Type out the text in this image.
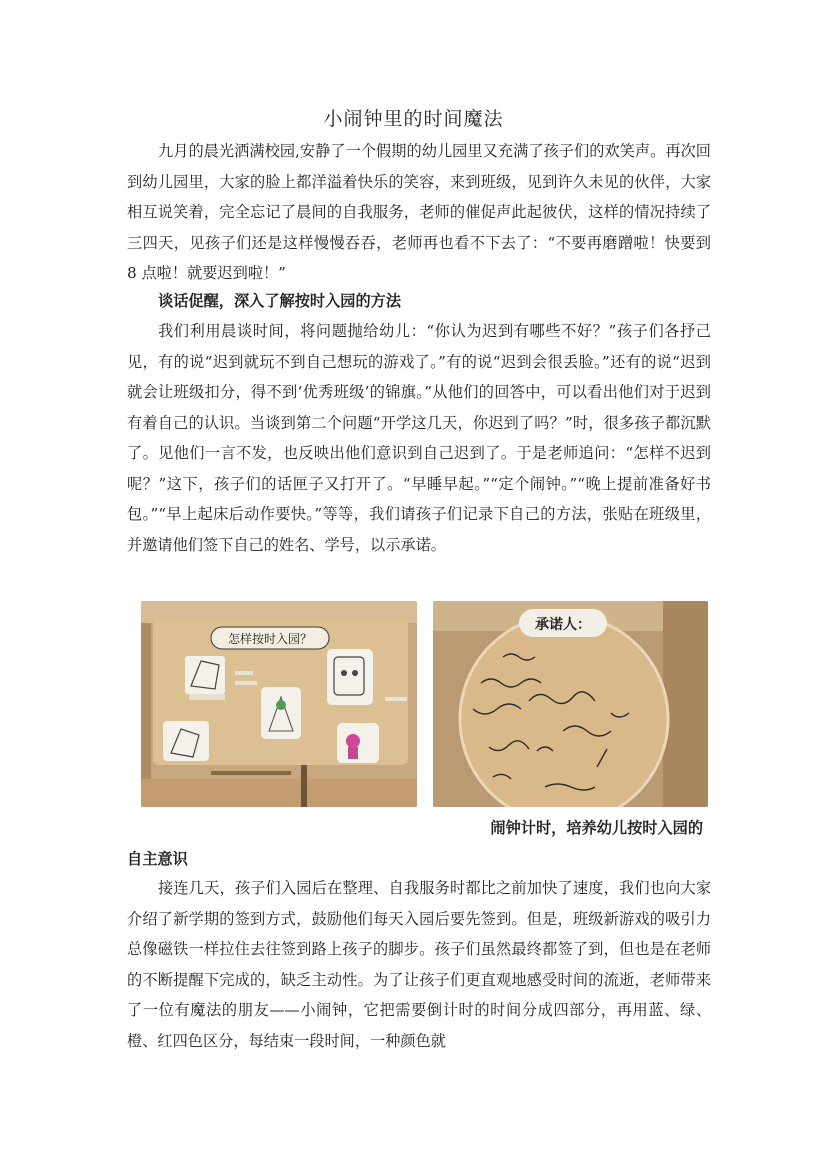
小闹钟里的时间魔法

九月的晨光洒满校园,安静了一个假期的幼儿园里又充满了孩子们的欢笑声。再次回到幼儿园里，大家的脸上都洋溢着快乐的笑容，来到班级，见到许久未见的伙伴，大家相互说笑着，完全忘记了晨间的自我服务，老师的催促声此起彼伏，这样的情况持续了三四天，见孩子们还是这样慢慢吞吞，老师再也看不下去了：“不要再磨蹭啦！快要到 8 点啦！就要迟到啦！”

谈话促醒，深入了解按时入园的方法

我们利用晨谈时间，将问题抛给幼儿：“你认为迟到有哪些不好？”孩子们各抒己见，有的说“迟到就玩不到自己想玩的游戏了。”有的说“迟到会很丢脸。”还有的说“迟到就会让班级扣分，得不到‘优秀班级’的锦旗。”从他们的回答中，可以看出他们对于迟到有着自己的认识。当谈到第二个问题“开学这几天，你迟到了吗？”时，很多孩子都沉默了。见他们一言不发，也反映出他们意识到自己迟到了。于是老师追问：“怎样不迟到呢？”这下，孩子们的话匣子又打开了。“早睡早起。”“定个闹钟。”“晚上提前准备好书包。”“早上起床后动作要快。”等等，我们请孩子们记录下自己的方法，张贴在班级里，并邀请他们签下自己的姓名、学号，以示承诺。

怎样按时入园？
承诺人：
闹钟计时，培养幼儿按时入园的
自主意识

接连几天，孩子们入园后在整理、自我服务时都比之前加快了速度，我们也向大家介绍了新学期的签到方式，鼓励他们每天入园后要先签到。但是，班级新游戏的吸引力总像磁铁一样拉住去往签到路上孩子的脚步。孩子们虽然最终都签了到，但也是在老师的不断提醒下完成的，缺乏主动性。为了让孩子们更直观地感受时间的流逝，老师带来了一位有魔法的朋友——小闹钟，它把需要倒计时的时间分成四部分，再用蓝、绿、橙、红四色区分，每结束一段时间，一种颜色就
